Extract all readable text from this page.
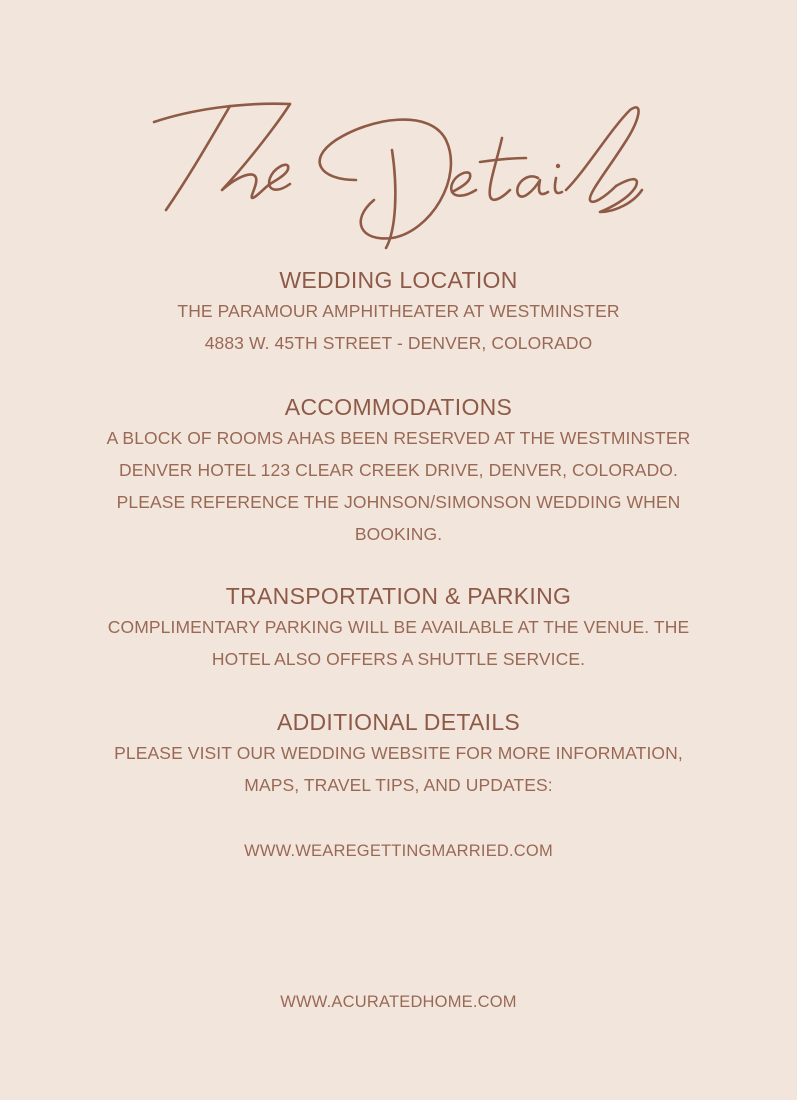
WEDDING LOCATION
THE PARAMOUR AMPHITHEATER AT WESTMINSTER
4883 W. 45TH STREET - DENVER, COLORADO
ACCOMMODATIONS
A BLOCK OF ROOMS AHAS BEEN RESERVED AT THE WESTMINSTER
DENVER HOTEL 123 CLEAR CREEK DRIVE, DENVER, COLORADO.
PLEASE REFERENCE THE JOHNSON/SIMONSON WEDDING WHEN
BOOKING.
TRANSPORTATION & PARKING
COMPLIMENTARY PARKING WILL BE AVAILABLE AT THE VENUE. THE
HOTEL ALSO OFFERS A SHUTTLE SERVICE.
ADDITIONAL DETAILS
PLEASE VISIT OUR WEDDING WEBSITE FOR MORE INFORMATION,
MAPS, TRAVEL TIPS, AND UPDATES:
WWW.WEAREGETTINGMARRIED.COM
WWW.ACURATEDHOME.COM
